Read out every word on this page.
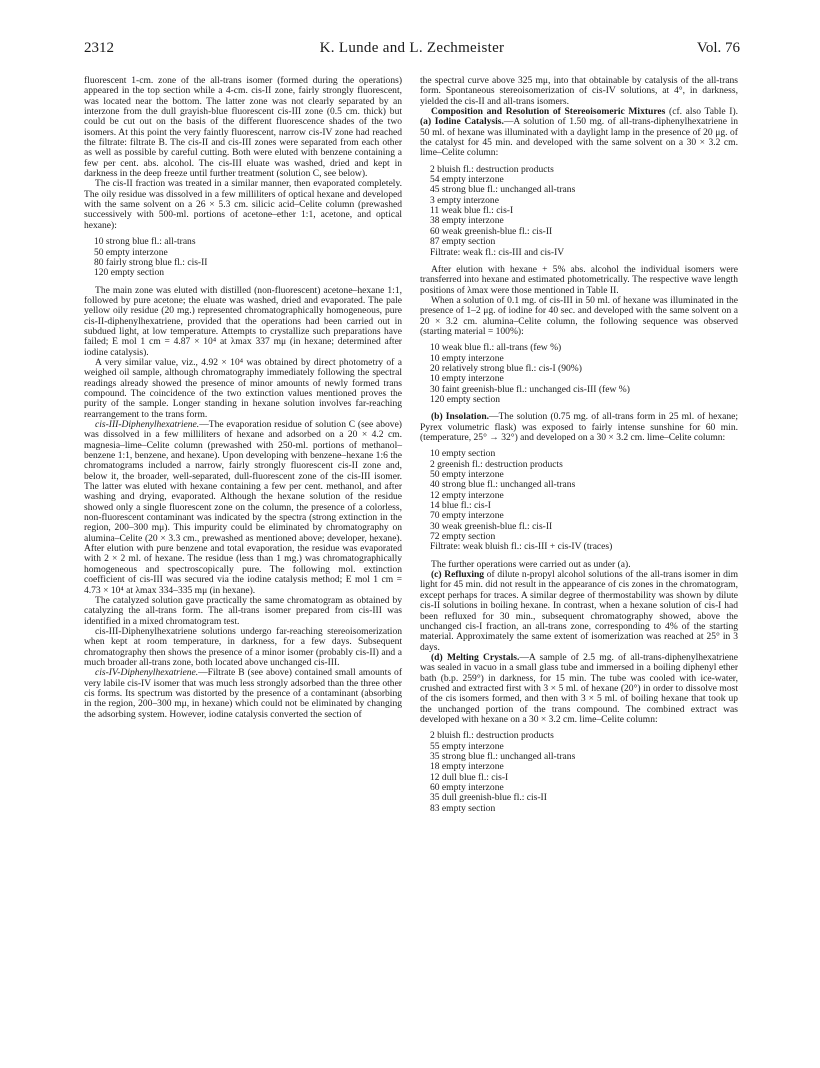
2312	K. Lunde and L. Zechmeister	Vol. 76

fluorescent 1-cm. zone of the all-trans isomer (formed during the operations) appeared in the top section while a 4-cm. cis-II zone, fairly strongly fluorescent, was located near the bottom. The latter zone was not clearly separated by an interzone from the dull grayish-blue fluorescent cis-III zone (0.5 cm. thick) but could be cut out on the basis of the different fluorescence shades of the two isomers. At this point the very faintly fluorescent, narrow cis-IV zone had reached the filtrate: filtrate B. The cis-II and cis-III zones were separated from each other as well as possible by careful cutting. Both were eluted with benzene containing a few per cent. abs. alcohol. The cis-III eluate was washed, dried and kept in darkness in the deep freeze until further treatment (solution C, see below).

The cis-II fraction was treated in a similar manner, then evaporated completely. The oily residue was dissolved in a few milliliters of optical hexane and developed with the same solvent on a 26 × 5.3 cm. silicic acid–Celite column (prewashed successively with 500-ml. portions of acetone–ether 1:1, acetone, and optical hexane):

10 strong blue fl.: all-trans
50 empty interzone
80 fairly strong blue fl.: cis-II
120 empty section

The main zone was eluted with distilled (non-fluorescent) acetone–hexane 1:1, followed by pure acetone; the eluate was washed, dried and evaporated. The pale yellow oily residue (20 mg.) represented chromatographically homogeneous, pure cis-II-diphenylhexatriene, provided that the operations had been carried out in subdued light, at low temperature. Attempts to crystallize such preparations have failed; E mol 1 cm = 4.87 × 10⁴ at λmax 337 mμ (in hexane; determined after iodine catalysis).

A very similar value, viz., 4.92 × 10⁴ was obtained by direct photometry of a weighed oil sample, although chromatography immediately following the spectral readings already showed the presence of minor amounts of newly formed trans compound. The coincidence of the two extinction values mentioned proves the purity of the sample. Longer standing in hexane solution involves far-reaching rearrangement to the trans form.

cis-III-Diphenylhexatriene.—The evaporation residue of solution C (see above) was dissolved in a few milliliters of hexane and adsorbed on a 20 × 4.2 cm. magnesia–lime–Celite column (prewashed with 250-ml. portions of methanol–benzene 1:1, benzene, and hexane). Upon developing with benzene–hexane 1:6 the chromatograms included a narrow, fairly strongly fluorescent cis-II zone and, below it, the broader, well-separated, dull-fluorescent zone of the cis-III isomer. The latter was eluted with hexane containing a few per cent. methanol, and after washing and drying, evaporated. Although the hexane solution of the residue showed only a single fluorescent zone on the column, the presence of a colorless, non-fluorescent contaminant was indicated by the spectra (strong extinction in the region, 200–300 mμ). This impurity could be eliminated by chromatography on alumina–Celite (20 × 3.3 cm., prewashed as mentioned above; developer, hexane). After elution with pure benzene and total evaporation, the residue was evaporated with 2 × 2 ml. of hexane. The residue (less than 1 mg.) was chromatographically homogeneous and spectroscopically pure. The following mol. extinction coefficient of cis-III was secured via the iodine catalysis method; E mol 1 cm = 4.73 × 10⁴ at λmax 334–335 mμ (in hexane).

The catalyzed solution gave practically the same chromatogram as obtained by catalyzing the all-trans form. The all-trans isomer prepared from cis-III was identified in a mixed chromatogram test.

cis-III-Diphenylhexatriene solutions undergo far-reaching stereoisomerization when kept at room temperature, in darkness, for a few days. Subsequent chromatography then shows the presence of a minor isomer (probably cis-II) and a much broader all-trans zone, both located above unchanged cis-III.

cis-IV-Diphenylhexatriene.—Filtrate B (see above) contained small amounts of very labile cis-IV isomer that was much less strongly adsorbed than the three other cis forms. Its spectrum was distorted by the presence of a contaminant (absorbing in the region, 200–300 mμ, in hexane) which could not be eliminated by changing the adsorbing system. However, iodine catalysis converted the section of

the spectral curve above 325 mμ, into that obtainable by catalysis of the all-trans form. Spontaneous stereoisomerization of cis-IV solutions, at 4°, in darkness, yielded the cis-II and all-trans isomers.

Composition and Resolution of Stereoisomeric Mixtures (cf. also Table I). (a) Iodine Catalysis.—A solution of 1.50 mg. of all-trans-diphenylhexatriene in 50 ml. of hexane was illuminated with a daylight lamp in the presence of 20 μg. of the catalyst for 45 min. and developed with the same solvent on a 30 × 3.2 cm. lime–Celite column:

2 bluish fl.: destruction products
54 empty interzone
45 strong blue fl.: unchanged all-trans
3 empty interzone
11 weak blue fl.: cis-I
38 empty interzone
60 weak greenish-blue fl.: cis-II
87 empty section
Filtrate: weak fl.: cis-III and cis-IV

After elution with hexane + 5% abs. alcohol the individual isomers were transferred into hexane and estimated photometrically. The respective wave length positions of λmax were those mentioned in Table II.

When a solution of 0.1 mg. of cis-III in 50 ml. of hexane was illuminated in the presence of 1–2 μg. of iodine for 40 sec. and developed with the same solvent on a 20 × 3.2 cm. alumina–Celite column, the following sequence was observed (starting material = 100%):

10 weak blue fl.: all-trans (few %)
10 empty interzone
20 relatively strong blue fl.: cis-I (90%)
10 empty interzone
30 faint greenish-blue fl.: unchanged cis-III (few %)
120 empty section

(b) Insolation.—The solution (0.75 mg. of all-trans form in 25 ml. of hexane; Pyrex volumetric flask) was exposed to fairly intense sunshine for 60 min. (temperature, 25° → 32°) and developed on a 30 × 3.2 cm. lime–Celite column:

10 empty section
2 greenish fl.: destruction products
50 empty interzone
40 strong blue fl.: unchanged all-trans
12 empty interzone
14 blue fl.: cis-I
70 empty interzone
30 weak greenish-blue fl.: cis-II
72 empty section
Filtrate: weak bluish fl.: cis-III + cis-IV (traces)

The further operations were carried out as under (a).

(c) Refluxing of dilute n-propyl alcohol solutions of the all-trans isomer in dim light for 45 min. did not result in the appearance of cis zones in the chromatogram, except perhaps for traces. A similar degree of thermostability was shown by dilute cis-II solutions in boiling hexane. In contrast, when a hexane solution of cis-I had been refluxed for 30 min., subsequent chromatography showed, above the unchanged cis-I fraction, an all-trans zone, corresponding to 4% of the starting material. Approximately the same extent of isomerization was reached at 25° in 3 days.

(d) Melting Crystals.—A sample of 2.5 mg. of all-trans-diphenylhexatriene was sealed in vacuo in a small glass tube and immersed in a boiling diphenyl ether bath (b.p. 259°) in darkness, for 15 min. The tube was cooled with ice-water, crushed and extracted first with 3 × 5 ml. of hexane (20°) in order to dissolve most of the cis isomers formed, and then with 3 × 5 ml. of boiling hexane that took up the unchanged portion of the trans compound. The combined extract was developed with hexane on a 30 × 3.2 cm. lime–Celite column:

2 bluish fl.: destruction products
55 empty interzone
35 strong blue fl.: unchanged all-trans
18 empty interzone
12 dull blue fl.: cis-I
60 empty interzone
35 dull greenish-blue fl.: cis-II
83 empty section
